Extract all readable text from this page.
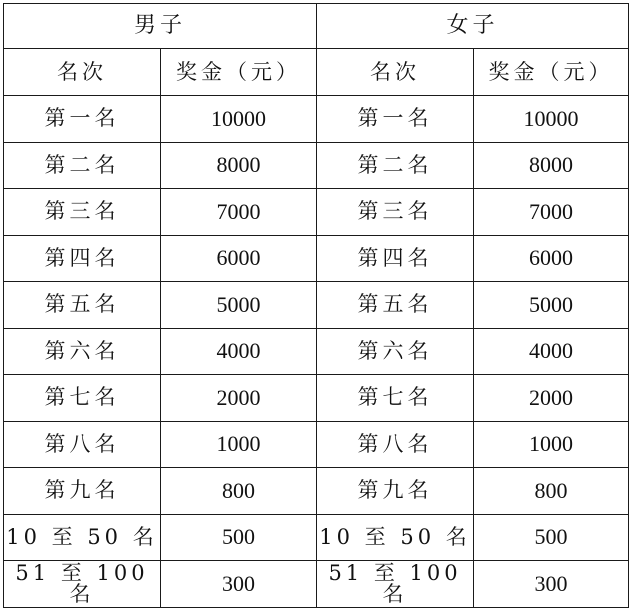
男子		女子	
名次	奖金（元）	名次	奖金（元）
第一名	10000	第一名	10000
第二名	8000	第二名	8000
第三名	7000	第三名	7000
第四名	6000	第四名	6000
第五名	5000	第五名	5000
第六名	4000	第六名	4000
第七名	2000	第七名	2000
第八名	1000	第八名	1000
第九名	800	第九名	800
10 至 50 名	500	10 至 50 名	500
51 至 100 名	300	51 至 100 名	300
